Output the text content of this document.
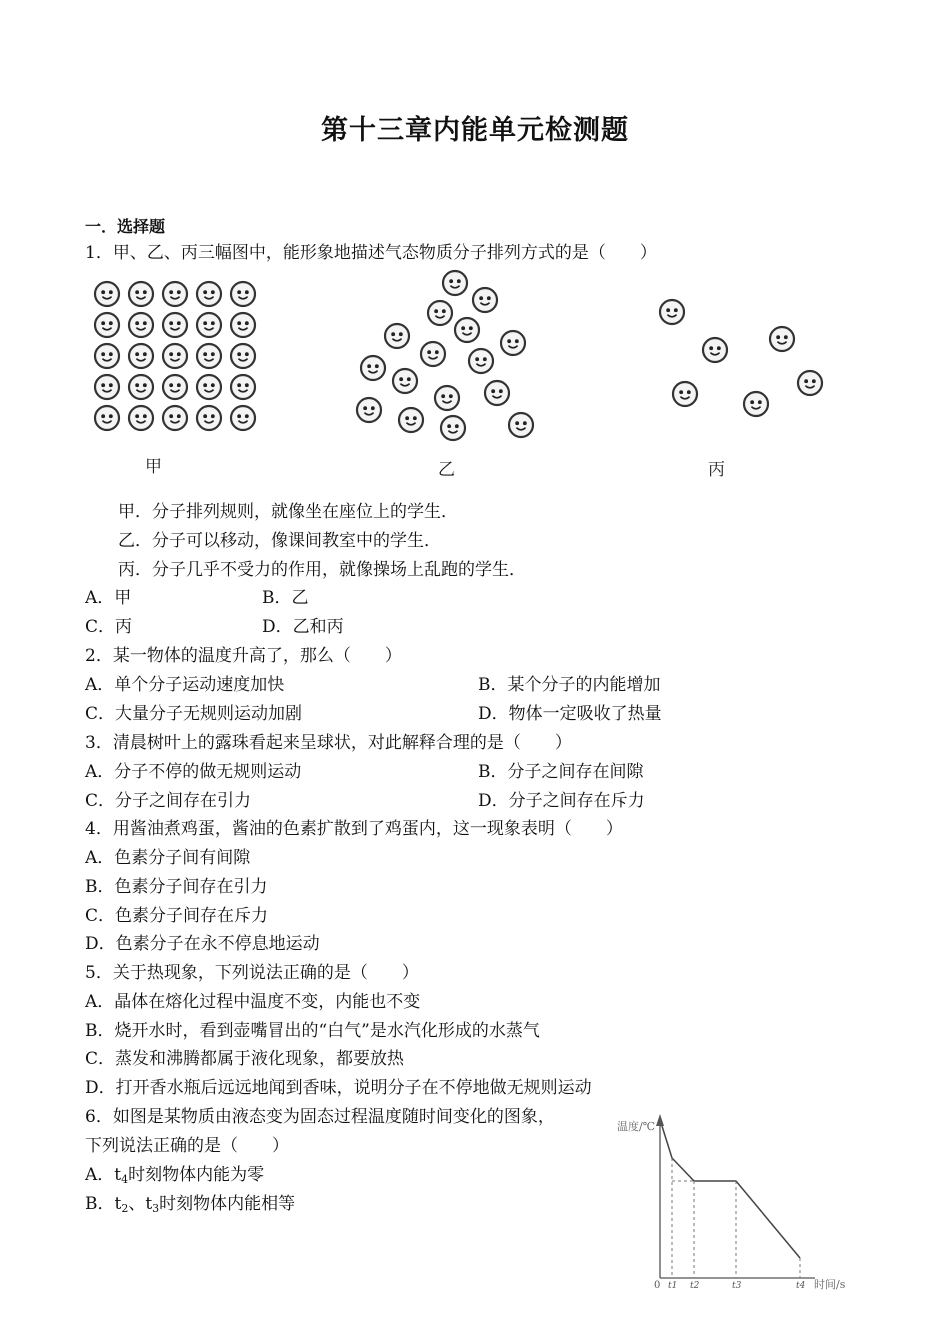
第十三章内能单元检测题
一．选择题
1．甲、乙、丙三幅图中，能形象地描述气态物质分子排列方式的是（　　）
甲	乙	丙
甲．分子排列规则，就像坐在座位上的学生．
乙．分子可以移动，像课间教室中的学生．
丙．分子几乎不受力的作用，就像操场上乱跑的学生．
A．甲	B．乙
C．丙	D．乙和丙
2．某一物体的温度升高了，那么（　　）
A．单个分子运动速度加快	B．某个分子的内能增加
C．大量分子无规则运动加剧	D．物体一定吸收了热量
3．清晨树叶上的露珠看起来呈球状，对此解释合理的是（　　）
A．分子不停的做无规则运动	B．分子之间存在间隙
C．分子之间存在引力	D．分子之间存在斥力
4．用酱油煮鸡蛋，酱油的色素扩散到了鸡蛋内，这一现象表明（　　）
A．色素分子间有间隙
B．色素分子间存在引力
C．色素分子间存在斥力
D．色素分子在永不停息地运动
5．关于热现象，下列说法正确的是（　　）
A．晶体在熔化过程中温度不变，内能也不变
B．烧开水时，看到壶嘴冒出的“白气”是水汽化形成的水蒸气
C．蒸发和沸腾都属于液化现象，都要放热
D．打开香水瓶后远远地闻到香味，说明分子在不停地做无规则运动
6．如图是某物质由液态变为固态过程温度随时间变化的图象，
下列说法正确的是（　　）
A．$t_4$时刻物体内能为零
B．$t_2$、$t_3$时刻物体内能相等
温度/℃
时间/s
0 t1 t2	t3	t4
